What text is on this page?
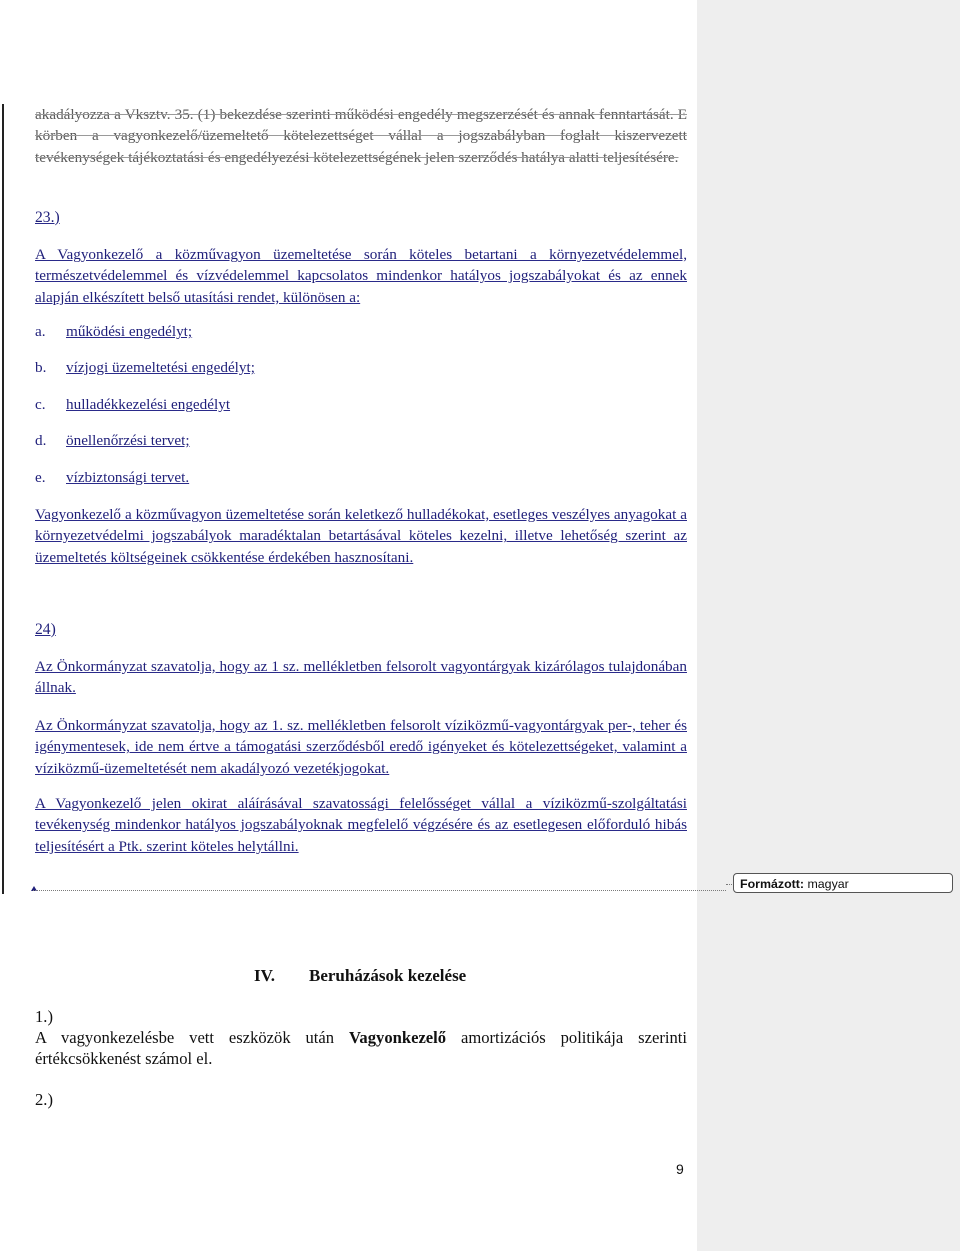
akadályozza a Vksztv. 35. (1) bekezdése szerinti működési engedély megszerzését és annak fenntartását. E körben a vagyonkezelő/üzemeltető kötelezettséget vállal a jogszabályban foglalt kiszervezett tevékenységek tájékoztatási és engedélyezési kötelezettségének jelen szerződés hatálya alatti teljesítésére.

23.)

A Vagyonkezelő a közművagyon üzemeltetése során köteles betartani a környezetvédelemmel, természetvédelemmel és vízvédelemmel kapcsolatos mindenkor hatályos jogszabályokat és az ennek alapján elkészített belső utasítási rendet, különösen a:

a. működési engedélyt;
b. vízjogi üzemeltetési engedélyt;
c. hulladékkezelési engedélyt
d. önellenőrzési tervet;
e. vízbiztonsági tervet.

Vagyonkezelő a közművagyon üzemeltetése során keletkező hulladékokat, esetleges veszélyes anyagokat a környezetvédelmi jogszabályok maradéktalan betartásával köteles kezelni, illetve lehetőség szerint az üzemeltetés költségeinek csökkentése érdekében hasznosítani.

24)

Az Önkormányzat szavatolja, hogy az 1 sz. mellékletben felsorolt vagyontárgyak kizárólagos tulajdonában állnak.

Az Önkormányzat szavatolja, hogy az 1. sz. mellékletben felsorolt víziközmű-vagyontárgyak per-, teher és igénymentesek, ide nem értve a támogatási szerződésből eredő igényeket és kötelezettségeket, valamint a víziközmű-üzemeltetését nem akadályozó vezetékjogokat.

A Vagyonkezelő jelen okirat aláírásával szavatossági felelősséget vállal a víziközmű-szolgáltatási tevékenység mindenkor hatályos jogszabályoknak megfelelő végzésére és az esetlegesen előforduló hibás teljesítésért a Ptk. szerint köteles helytállni.

Formázott: magyar
IV. Beruházások kezelése
1.)

A vagyonkezelésbe vett eszközök után Vagyonkezelő amortizációs politikája szerinti értékcsökkenést számol el.

2.)
9
